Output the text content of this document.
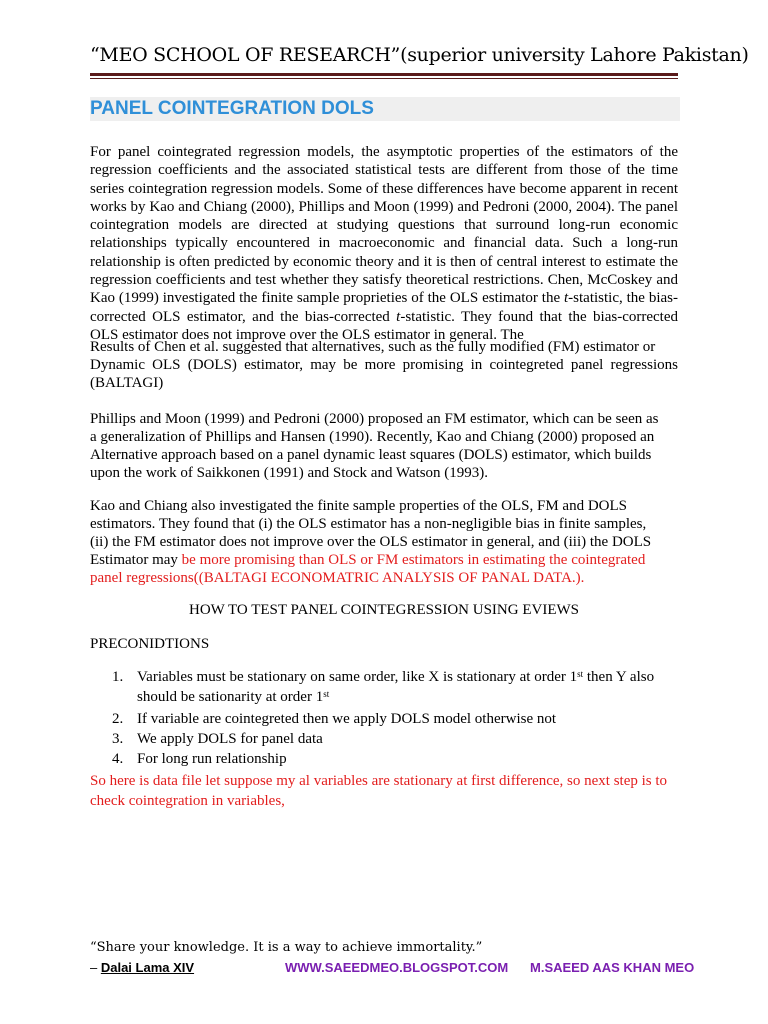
“MEO SCHOOL OF RESEARCH”(superior university Lahore Pakistan)
PANEL COINTEGRATION DOLS
For panel cointegrated regression models, the asymptotic properties of the estimators of the regression coefficients and the associated statistical tests are different from those of the time series cointegration regression models. Some of these differences have become apparent in recent works by Kao and Chiang (2000), Phillips and Moon (1999) and Pedroni (2000, 2004). The panel cointegration models are directed at studying questions that surround long-run economic relationships typically encountered in macroeconomic and financial data. Such a long-run relationship is often predicted by economic theory and it is then of central interest to estimate the regression coefficients and test whether they satisfy theoretical restrictions. Chen, McCoskey and Kao (1999) investigated the finite sample proprieties of the OLS estimator the t-statistic, the bias-corrected OLS estimator, and the bias-corrected t-statistic. They found that the bias-corrected OLS estimator does not improve over the OLS estimator in general. The
Results of Chen et al. suggested that alternatives, such as the fully modified (FM) estimator or
Dynamic OLS (DOLS) estimator, may be more promising in cointegreted panel regressions (BALTAGI)
Phillips and Moon (1999) and Pedroni (2000) proposed an FM estimator, which can be seen as
a generalization of Phillips and Hansen (1990). Recently, Kao and Chiang (2000) proposed an
Alternative approach based on a panel dynamic least squares (DOLS) estimator, which builds
upon the work of Saikkonen (1991) and Stock and Watson (1993).
Kao and Chiang also investigated the finite sample properties of the OLS, FM and DOLS
estimators. They found that (i) the OLS estimator has a non-negligible bias in finite samples,
(ii) the FM estimator does not improve over the OLS estimator in general, and (iii) the DOLS
Estimator may be more promising than OLS or FM estimators in estimating the cointegrated
panel regressions((BALTAGI ECONOMATRIC ANALYSIS OF PANAL DATA.).
HOW TO TEST PANEL COINTEGRESSION USING EVIEWS
PRECONIDTIONS
1. Variables must be stationary on same order, like X is stationary at order 1st then Y also should be sationarity at order 1st
2. If variable are cointegreted then we apply DOLS model otherwise not
3. We apply DOLS for panel data
4. For long run relationship
So here is data file let suppose my al variables are stationary at first difference, so next step is to check cointegration in variables,
“Share your knowledge. It is a way to achieve immortality.”
– Dalai Lama XIV	WWW.SAEEDMEO.BLOGSPOT.COM M.SAEED AAS KHAN MEO
